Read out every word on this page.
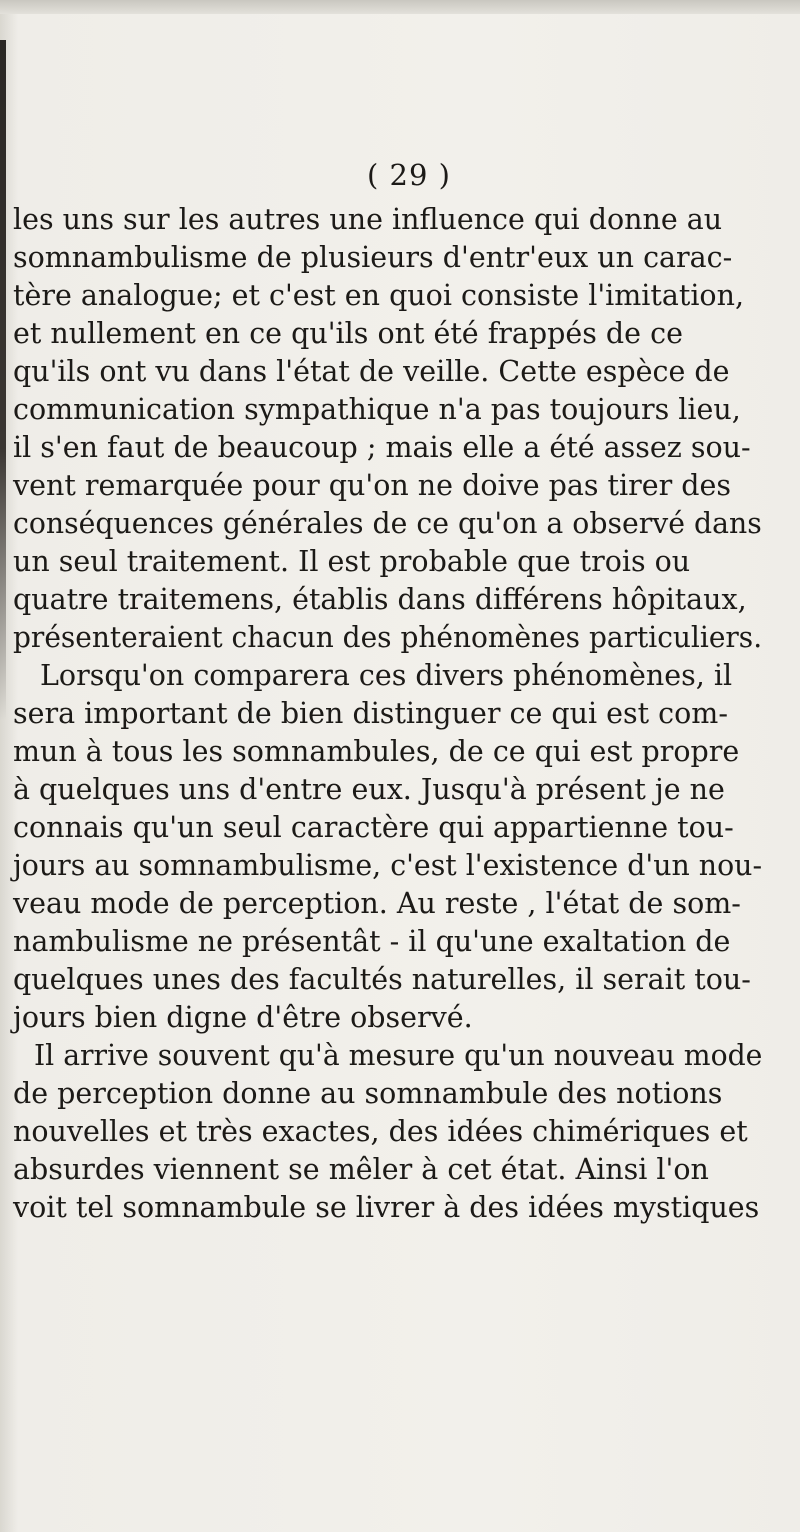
( 29 )
les uns sur les autres une influence qui donne au
somnambulisme de plusieurs d'entr'eux un carac-
tère analogue; et c'est en quoi consiste l'imitation,
et nullement en ce qu'ils ont été frappés de ce
qu'ils ont vu dans l'état de veille. Cette espèce de
communication sympathique n'a pas toujours lieu,
il s'en faut de beaucoup ; mais elle a été assez sou-
vent remarquée pour qu'on ne doive pas tirer des
conséquences générales de ce qu'on a observé dans
un seul traitement. Il est probable que trois ou
quatre traitemens, établis dans différens hôpitaux,
présenteraient chacun des phénomènes particuliers.
Lorsqu'on comparera ces divers phénomènes, il
sera important de bien distinguer ce qui est com-
mun à tous les somnambules, de ce qui est propre
à quelques uns d'entre eux. Jusqu'à présent je ne
connais qu'un seul caractère qui appartienne tou-
jours au somnambulisme, c'est l'existence d'un nou-
veau mode de perception. Au reste , l'état de som-
nambulisme ne présentât - il qu'une exaltation de
quelques unes des facultés naturelles, il serait tou-
jours bien digne d'être observé.
Il arrive souvent qu'à mesure qu'un nouveau mode
de perception donne au somnambule des notions
nouvelles et très exactes, des idées chimériques et
absurdes viennent se mêler à cet état. Ainsi l'on
voit tel somnambule se livrer à des idées mystiques
